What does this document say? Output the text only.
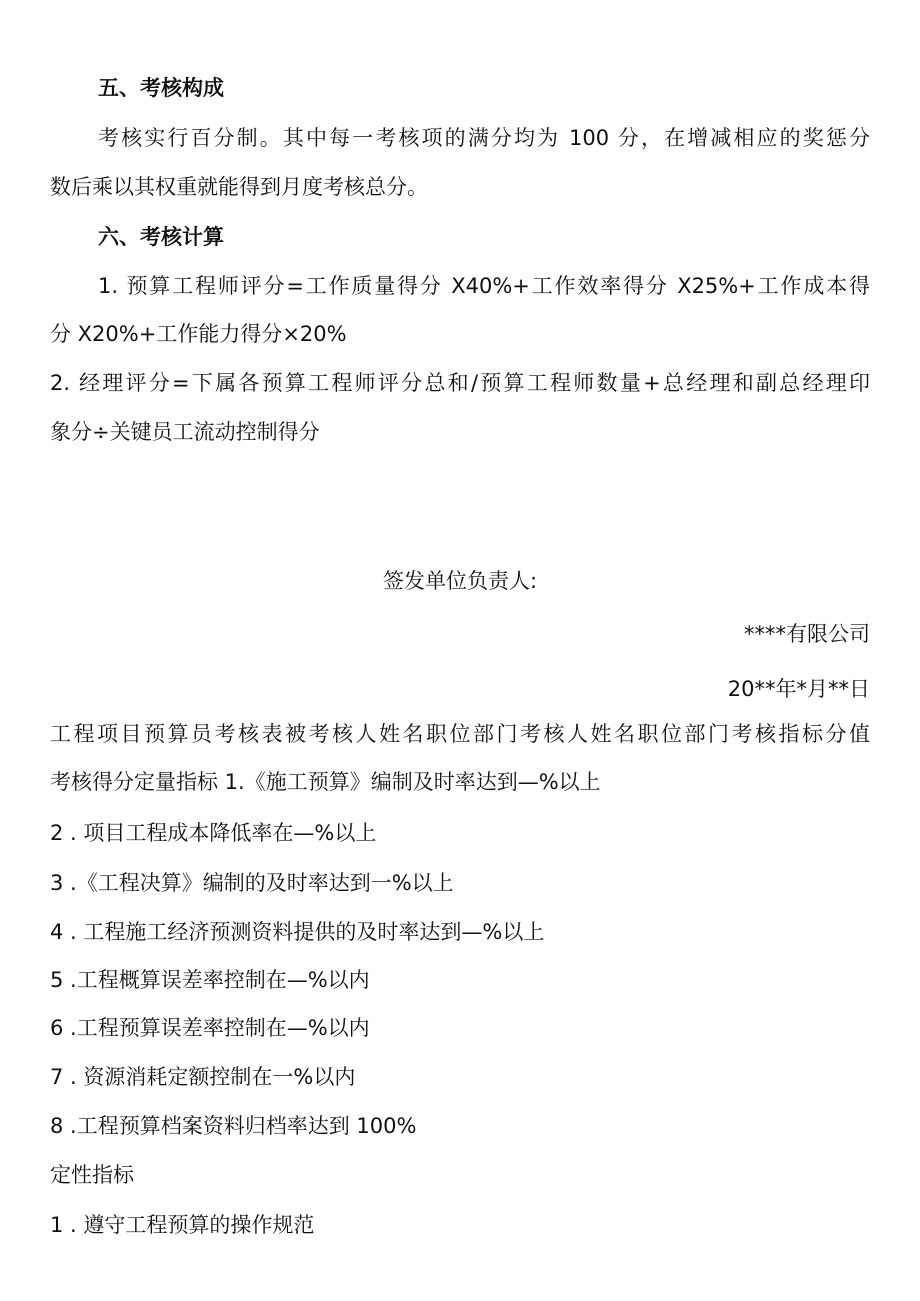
五、考核构成
考核实行百分制。其中每一考核项的满分均为 100 分，在增减相应的奖惩分
数后乘以其权重就能得到月度考核总分。
六、考核计算
1. 预算工程师评分=工作质量得分 X40%+工作效率得分 X25%+工作成本得
分 X20%+工作能力得分×20%
2. 经理评分=下属各预算工程师评分总和/预算工程师数量+总经理和副总经理印
象分÷关键员工流动控制得分
签发单位负责人:
****有限公司
20**年*月**日
工程项目预算员考核表被考核人姓名职位部门考核人姓名职位部门考核指标分值
考核得分定量指标 1.《施工预算》编制及时率达到—%以上
2 . 项目工程成本降低率在—%以上
3 .《工程决算》编制的及时率达到一%以上
4 . 工程施工经济预测资料提供的及时率达到—%以上
5 .工程概算误差率控制在—%以内
6 .工程预算误差率控制在—%以内
7 . 资源消耗定额控制在一%以内
8 .工程预算档案资料归档率达到 100%
定性指标
1 . 遵守工程预算的操作规范
